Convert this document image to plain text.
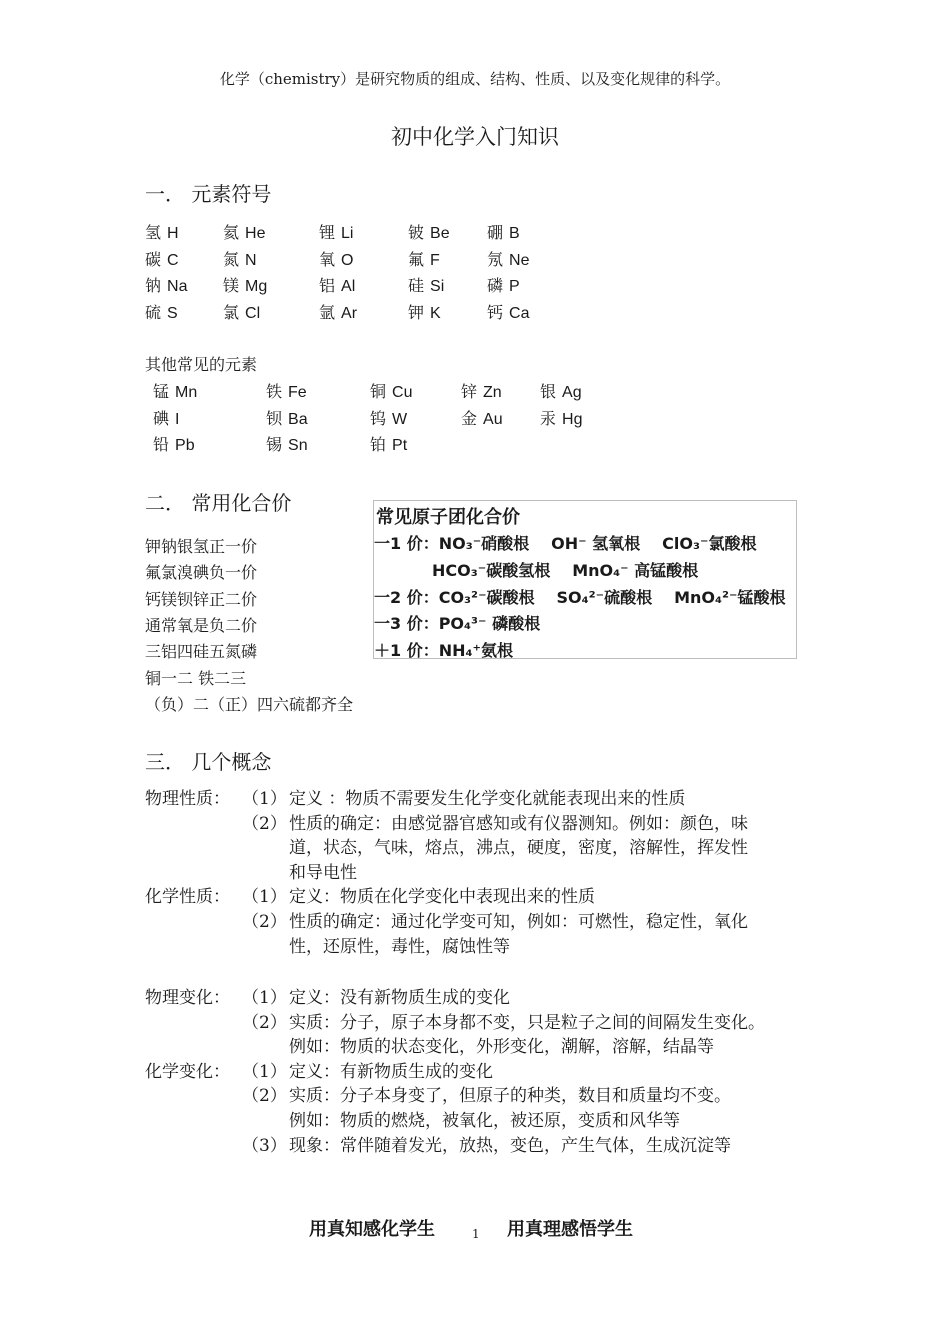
化学（chemistry）是研究物质的组成、结构、性质、以及变化规律的科学。
初中化学入门知识
一． 元素符号
氢 H	氦 He	锂 Li	铍 Be 硼 B
碳 C	氮 N	氧 O	氟 F	氖 Ne
钠 Na 镁 Mg	铝 Al	硅 Si	磷 P
硫 S	氯 Cl	氩 Ar	钾 K	钙 Ca
其他常见的元素
锰 Mn	铁 Fe	铜 Cu	锌 Zn 银 Ag
碘 I	钡 Ba	钨 W	金 Au 汞 Hg
铅 Pb	锡 Sn	铂 Pt
二． 常用化合价
钾钠银氢正一价
氟氯溴碘负一价
钙镁钡锌正二价
通常氧是负二价
三铝四硅五氮磷
铜一二 铁二三
（负）二（正）四六硫都齐全
常见原子团化合价
一1 价：NO₃⁻硝酸根 OH⁻ 氢氧根 ClO₃⁻氯酸根
HCO₃⁻碳酸氢根 MnO₄⁻ 高锰酸根
一2 价：CO₃²⁻碳酸根 SO₄²⁻硫酸根 MnO₄²⁻锰酸根
一3 价：PO₄³⁻ 磷酸根
＋1 价：NH₄⁺氨根
三． 几个概念
物理性质： （1） 定义 ：物质不需要发生化学变化就能表现出来的性质
（2） 性质的确定：由感觉器官感知或有仪器测知。例如：颜色，味
道，状态，气味，熔点，沸点，硬度，密度，溶解性，挥发性
和导电性
化学性质： （1） 定义：物质在化学变化中表现出来的性质
（2） 性质的确定：通过化学变可知，例如：可燃性，稳定性，氧化
性，还原性，毒性，腐蚀性等
物理变化： （1） 定义：没有新物质生成的变化
（2） 实质：分子，原子本身都不变，只是粒子之间的间隔发生变化。
例如：物质的状态变化，外形变化，潮解，溶解，结晶等
化学变化： （1） 定义：有新物质生成的变化
（2） 实质：分子本身变了，但原子的种类，数目和质量均不变。
例如：物质的燃烧，被氧化，被还原，变质和风华等
（3） 现象：常伴随着发光，放热，变色，产生气体，生成沉淀等
用真知感化学生	1 用真理感悟学生
